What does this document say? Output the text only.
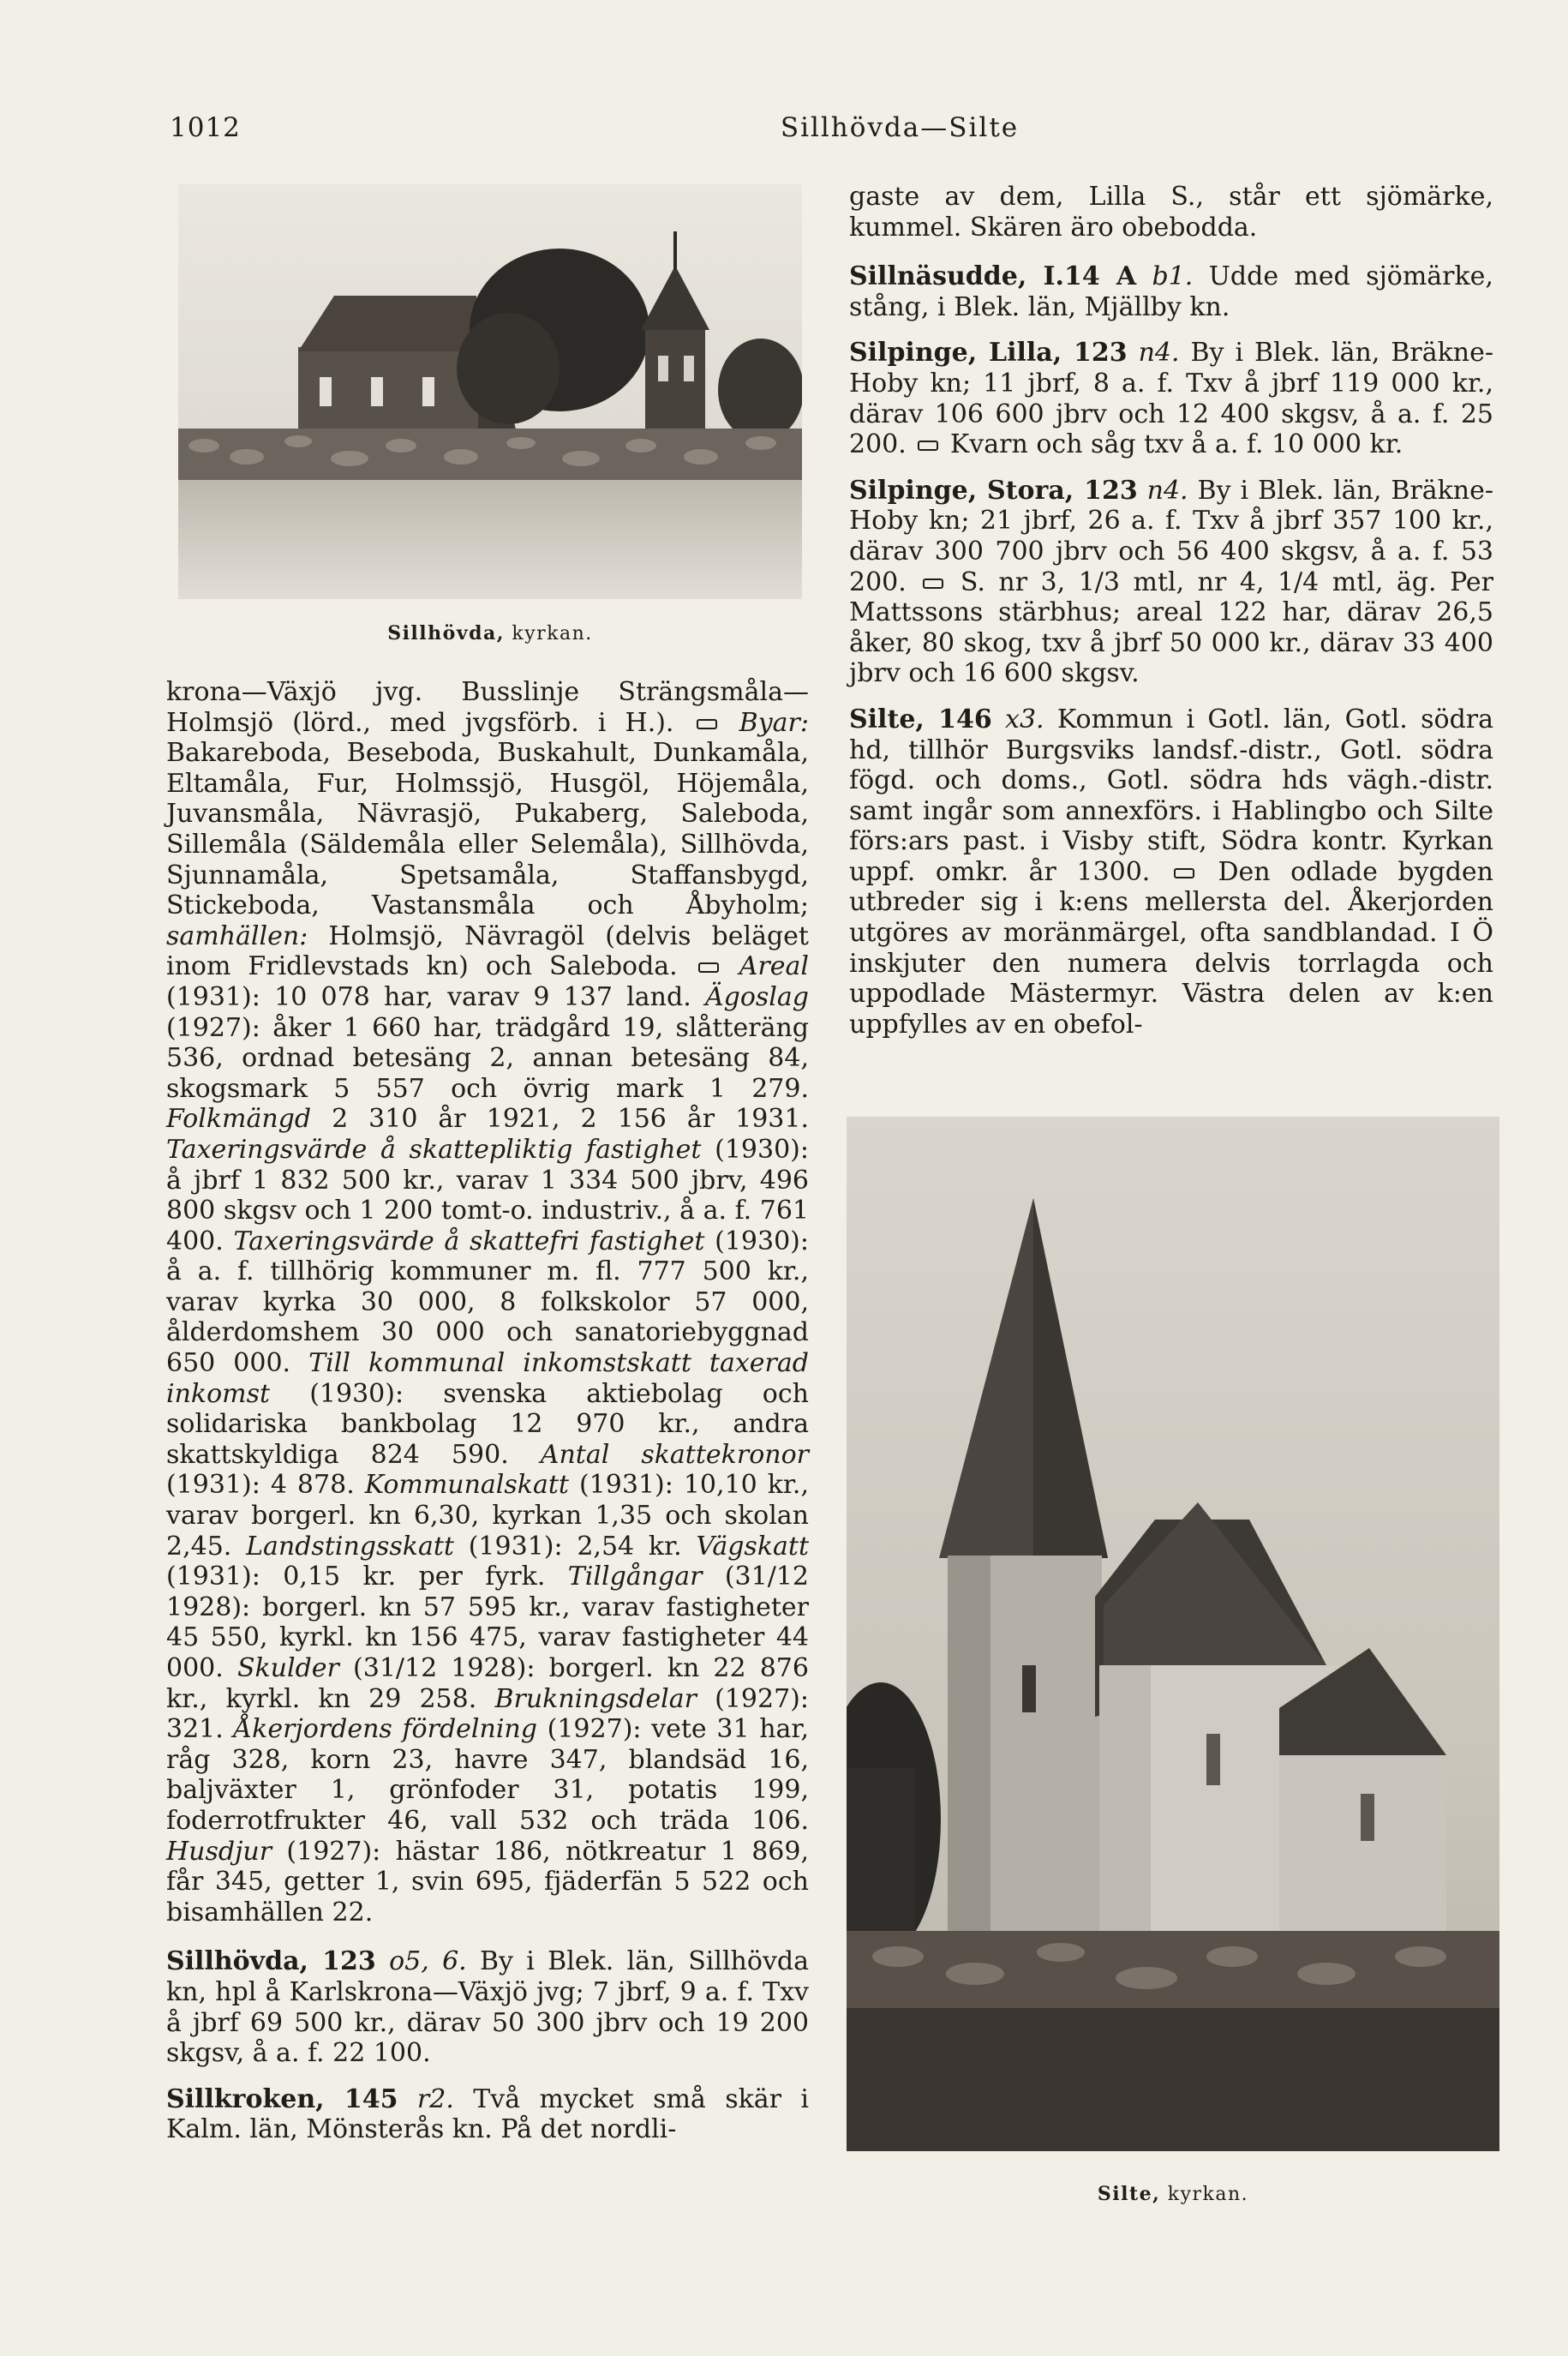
1012	Sillhövda—Silte
Sillhövda, kyrkan.

krona—Växjö jvg. Busslinje Strängsmåla—Holmsjö (lörd., med jvgsförb. i H.).  Byar: Bakareboda, Beseboda, Buskahult, Dunkamåla, Eltamåla, Fur, Holmssjö, Husgöl, Höjemåla, Juvansmåla, Nävrasjö, Pukaberg, Saleboda, Sillemåla (Säldemåla eller Selemåla), Sillhövda, Sjunnamåla, Spetsamåla, Staffansbygd, Stickeboda, Vastansmåla och Åbyholm; samhällen: Holmsjö, Nävragöl (delvis beläget inom Fridlevstads kn) och Saleboda.  Areal (1931): 10 078 har, varav 9 137 land. Ägoslag (1927): åker 1 660 har, trädgård 19, slåtteräng 536, ordnad betesäng 2, annan betesäng 84, skogsmark 5 557 och övrig mark 1 279. Folkmängd 2 310 år 1921, 2 156 år 1931. Taxeringsvärde å skattepliktig fastighet (1930): å jbrf 1 832 500 kr., varav 1 334 500 jbrv, 496 800 skgsv och 1 200 tomt-o. industriv., å a. f. 761 400. Taxeringsvärde å skattefri fastighet (1930): å a. f. tillhörig kommuner m. fl. 777 500 kr., varav kyrka 30 000, 8 folkskolor 57 000, ålderdomshem 30 000 och sanatoriebyggnad 650 000. Till kommunal inkomstskatt taxerad inkomst (1930): svenska aktiebolag och solidariska bankbolag 12 970 kr., andra skattskyldiga 824 590. Antal skattekronor (1931): 4 878. Kommunalskatt (1931): 10,10 kr., varav borgerl. kn 6,30, kyrkan 1,35 och skolan 2,45. Landstingsskatt (1931): 2,54 kr. Vägskatt (1931): 0,15 kr. per fyrk. Tillgångar (31/12 1928): borgerl. kn 57 595 kr., varav fastigheter 45 550, kyrkl. kn 156 475, varav fastigheter 44 000. Skulder (31/12 1928): borgerl. kn 22 876 kr., kyrkl. kn 29 258. Brukningsdelar (1927): 321. Åkerjordens fördelning (1927): vete 31 har, råg 328, korn 23, havre 347, blandsäd 16, baljväxter 1, grönfoder 31, potatis 199, foderrotfrukter 46, vall 532 och träda 106. Husdjur (1927): hästar 186, nötkreatur 1 869, får 345, getter 1, svin 695, fjäderfän 5 522 och bisamhällen 22.

Sillhövda, 123 o5, 6. By i Blek. län, Sillhövda kn, hpl å Karlskrona—Växjö jvg; 7 jbrf, 9 a. f. Txv å jbrf 69 500 kr., därav 50 300 jbrv och 19 200 skgsv, å a. f. 22 100.

Sillkroken, 145 r2. Två mycket små skär i Kalm. län, Mönsterås kn. På det nordli-

gaste av dem, Lilla S., står ett sjömärke, kummel. Skären äro obebodda.

Sillnäsudde, I.14 A b1. Udde med sjömärke, stång, i Blek. län, Mjällby kn.

Silpinge, Lilla, 123 n4. By i Blek. län, Bräkne-Hoby kn; 11 jbrf, 8 a. f. Txv å jbrf 119 000 kr., därav 106 600 jbrv och 12 400 skgsv, å a. f. 25 200.  Kvarn och såg txv å a. f. 10 000 kr.

Silpinge, Stora, 123 n4. By i Blek. län, Bräkne-Hoby kn; 21 jbrf, 26 a. f. Txv å jbrf 357 100 kr., därav 300 700 jbrv och 56 400 skgsv, å a. f. 53 200.  S. nr 3, 1/3 mtl, nr 4, 1/4 mtl, äg. Per Mattssons stärbhus; areal 122 har, därav 26,5 åker, 80 skog, txv å jbrf 50 000 kr., därav 33 400 jbrv och 16 600 skgsv.

Silte, 146 x3. Kommun i Gotl. län, Gotl. södra hd, tillhör Burgsviks landsf.-distr., Gotl. södra fögd. och doms., Gotl. södra hds vägh.-distr. samt ingår som annexförs. i Hablingbo och Silte förs:ars past. i Visby stift, Södra kontr. Kyrkan uppf. omkr. år 1300.  Den odlade bygden utbreder sig i k:ens mellersta del. Åkerjorden utgöres av moränmärgel, ofta sandblandad. I Ö inskjuter den numera delvis torrlagda och uppodlade Mästermyr. Västra delen av k:en uppfylles av en obefol-

Silte, kyrkan.
